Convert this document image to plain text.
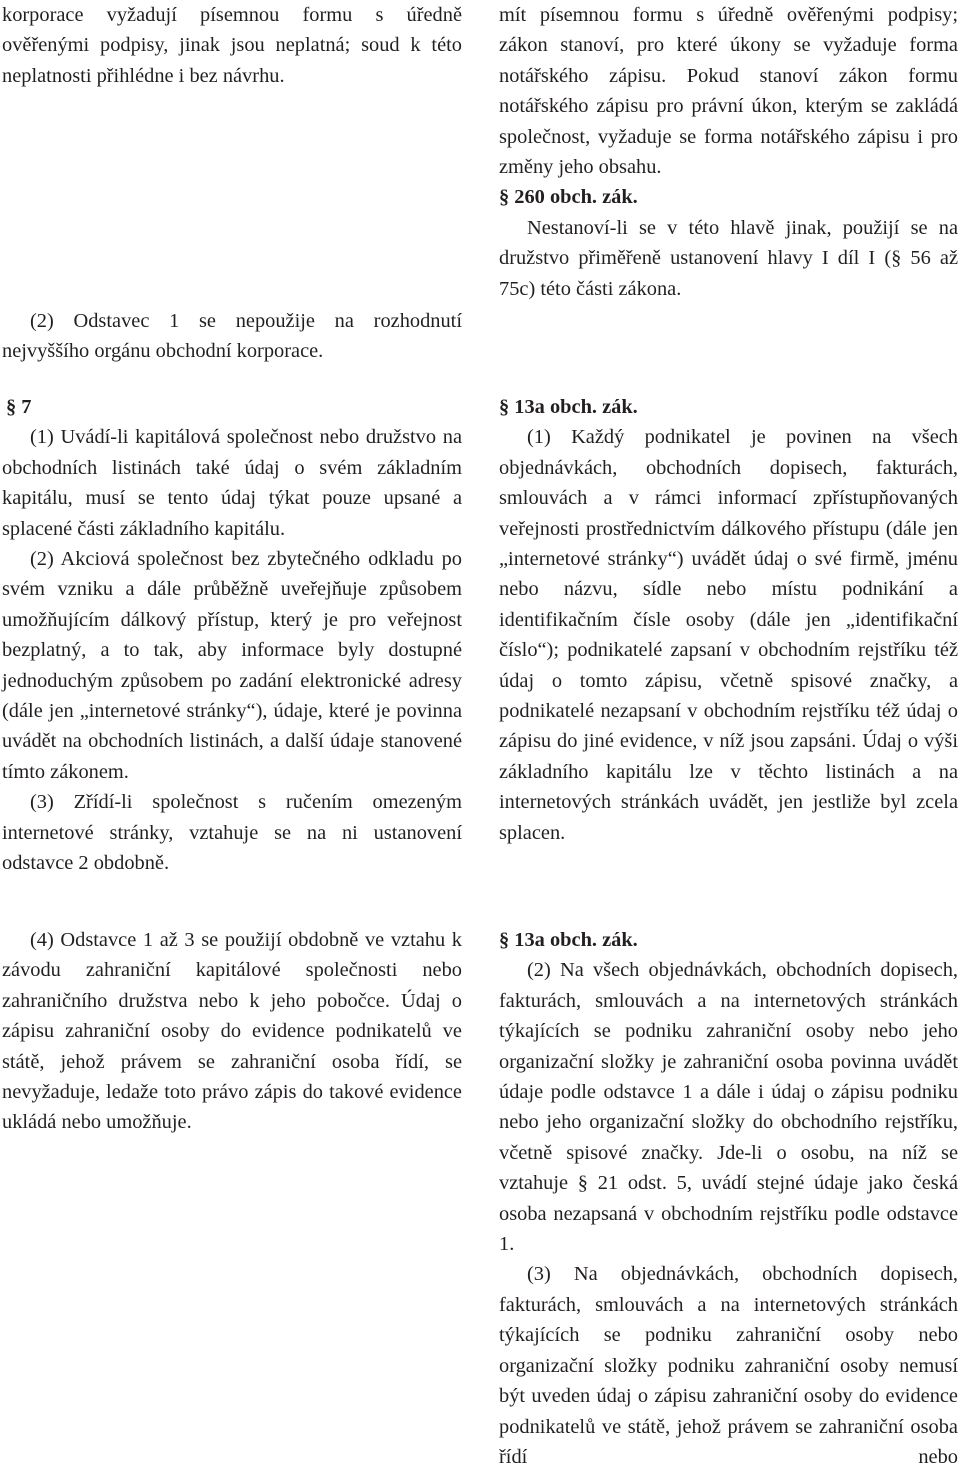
korporace vyžadují písemnou formu s úředně ověřenými podpisy, jinak jsou neplatná; soud k této neplatnosti přihlédne i bez návrhu.

(2) Odstavec 1 se nepoužije na rozhodnutí nejvyššího orgánu obchodní korporace.

§ 7

(1) Uvádí-li kapitálová společnost nebo družstvo na obchodních listinách také údaj o svém základním kapitálu, musí se tento údaj týkat pouze upsané a splacené části základního kapitálu.

(2) Akciová společnost bez zbytečného odkladu po svém vzniku a dále průběžně uveřejňuje způsobem umožňujícím dálkový přístup, který je pro veřejnost bezplatný, a to tak, aby informace byly dostupné jednoduchým způsobem po zadání elektronické adresy (dále jen „internetové stránky“), údaje, které je povinna uvádět na obchodních listinách, a další údaje stanovené tímto zákonem.

(3) Zřídí-li společnost s ručením omezeným internetové stránky, vztahuje se na ni ustanovení odstavce 2 obdobně.

(4) Odstavce 1 až 3 se použijí obdobně ve vztahu k závodu zahraniční kapitálové společnosti nebo zahraničního družstva nebo k jeho pobočce. Údaj o zápisu zahraniční osoby do evidence podnikatelů ve státě, jehož právem se zahraniční osoba řídí, se nevyžaduje, ledaže toto právo zápis do takové evidence ukládá nebo umožňuje.

mít písemnou formu s úředně ověřenými podpisy; zákon stanoví, pro které úkony se vyžaduje forma notářského zápisu. Pokud stanoví zákon formu notářského zápisu pro právní úkon, kterým se zakládá společnost, vyžaduje se forma notářského zápisu i pro změny jeho obsahu.

§ 260 obch. zák.

Nestanoví-li se v této hlavě jinak, použijí se na družstvo přiměřeně ustanovení hlavy I díl I (§ 56 až 75c) této části zákona.

§ 13a obch. zák.

(1) Každý podnikatel je povinen na všech objednávkách, obchodních dopisech, fakturách, smlouvách a v rámci informací zpřístupňovaných veřejnosti prostřednictvím dálkového přístupu (dále jen „internetové stránky“) uvádět údaj o své firmě, jménu nebo názvu, sídle nebo místu podnikání a identifikačním čísle osoby (dále jen „identifikační číslo“); podnikatelé zapsaní v obchodním rejstříku též údaj o tomto zápisu, včetně spisové značky, a podnikatelé nezapsaní v obchodním rejstříku též údaj o zápisu do jiné evidence, v níž jsou zapsáni. Údaj o výši základního kapitálu lze v těchto listinách a na internetových stránkách uvádět, jen jestliže byl zcela splacen.

§ 13a obch. zák.

(2) Na všech objednávkách, obchodních dopisech, fakturách, smlouvách a na internetových stránkách týkajících se podniku zahraniční osoby nebo jeho organizační složky je zahraniční osoba povinna uvádět údaje podle odstavce 1 a dále i údaj o zápisu podniku nebo jeho organizační složky do obchodního rejstříku, včetně spisové značky. Jde-li o osobu, na níž se vztahuje § 21 odst. 5, uvádí stejné údaje jako česká osoba nezapsaná v obchodním rejstříku podle odstavce 1.

(3) Na objednávkách, obchodních dopisech, fakturách, smlouvách a na internetových stránkách týkajících se podniku zahraniční osoby nebo organizační složky podniku zahraniční osoby nemusí být uveden údaj o zápisu zahraniční osoby do evidence podnikatelů ve státě, jehož právem se zahraniční osoba řídí nebo
